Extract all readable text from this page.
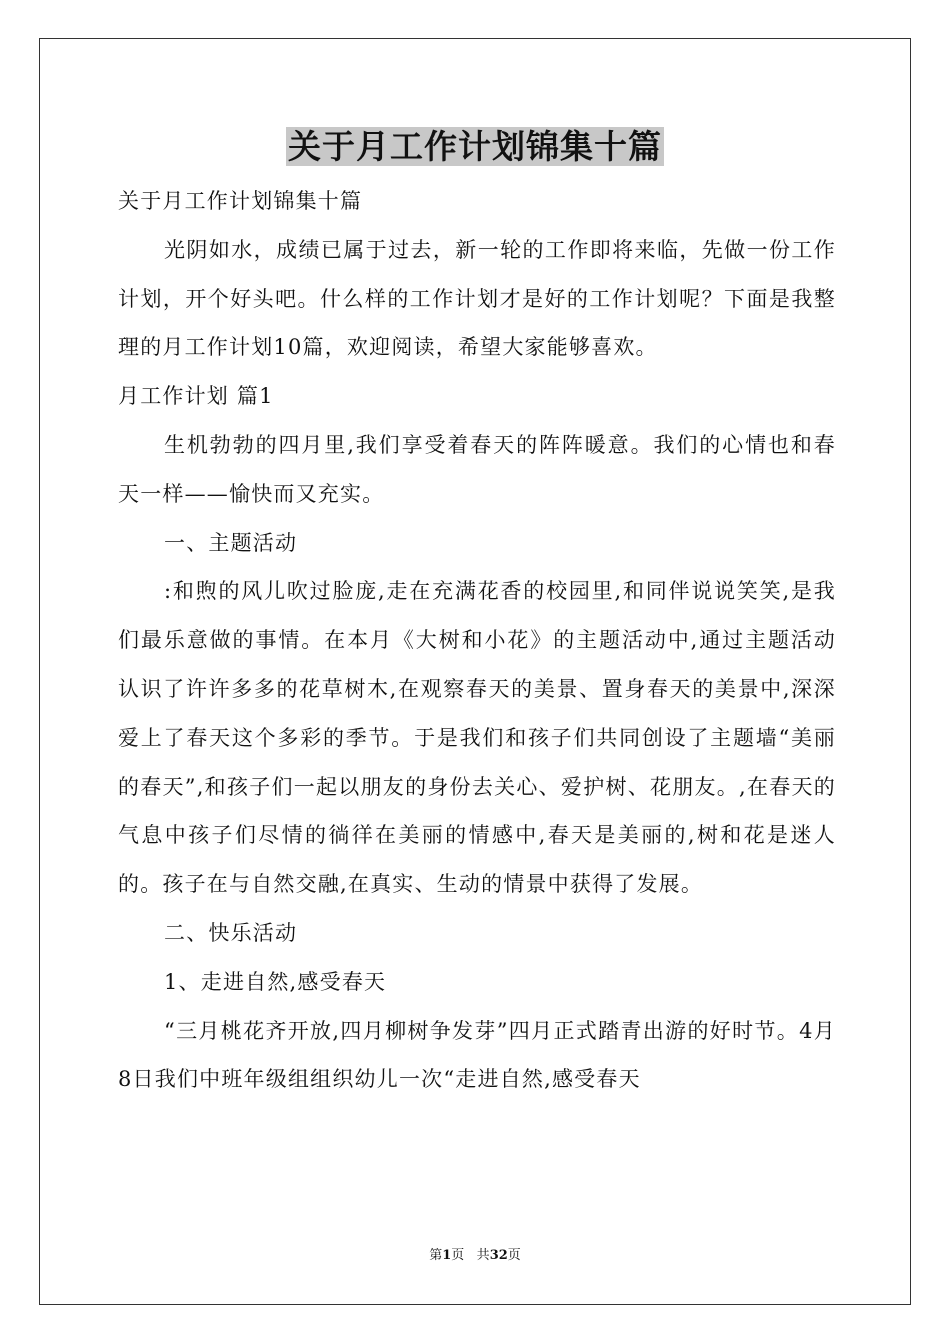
关于月工作计划锦集十篇

关于月工作计划锦集十篇

光阴如水，成绩已属于过去，新一轮的工作即将来临，先做一份工作计划，开个好头吧。什么样的工作计划才是好的工作计划呢？下面是我整理的月工作计划10篇，欢迎阅读，希望大家能够喜欢。

月工作计划 篇1

生机勃勃的四月里,我们享受着春天的阵阵暖意。我们的心情也和春天一样——愉快而又充实。

一、主题活动

:和煦的风儿吹过脸庞,走在充满花香的校园里,和同伴说说笑笑,是我们最乐意做的事情。在本月《大树和小花》的主题活动中,通过主题活动认识了许许多多的花草树木,在观察春天的美景、置身春天的美景中,深深爱上了春天这个多彩的季节。于是我们和孩子们共同创设了主题墙“美丽的春天”,和孩子们一起以朋友的身份去关心、爱护树、花朋友。,在春天的气息中孩子们尽情的徜徉在美丽的情感中,春天是美丽的,树和花是迷人的。孩子在与自然交融,在真实、生动的情景中获得了发展。

二、快乐活动

1、走进自然,感受春天

“三月桃花齐开放,四月柳树争发芽”四月正式踏青出游的好时节。4月8日我们中班年级组组织幼儿一次“走进自然,感受春天

第1页 共32页
